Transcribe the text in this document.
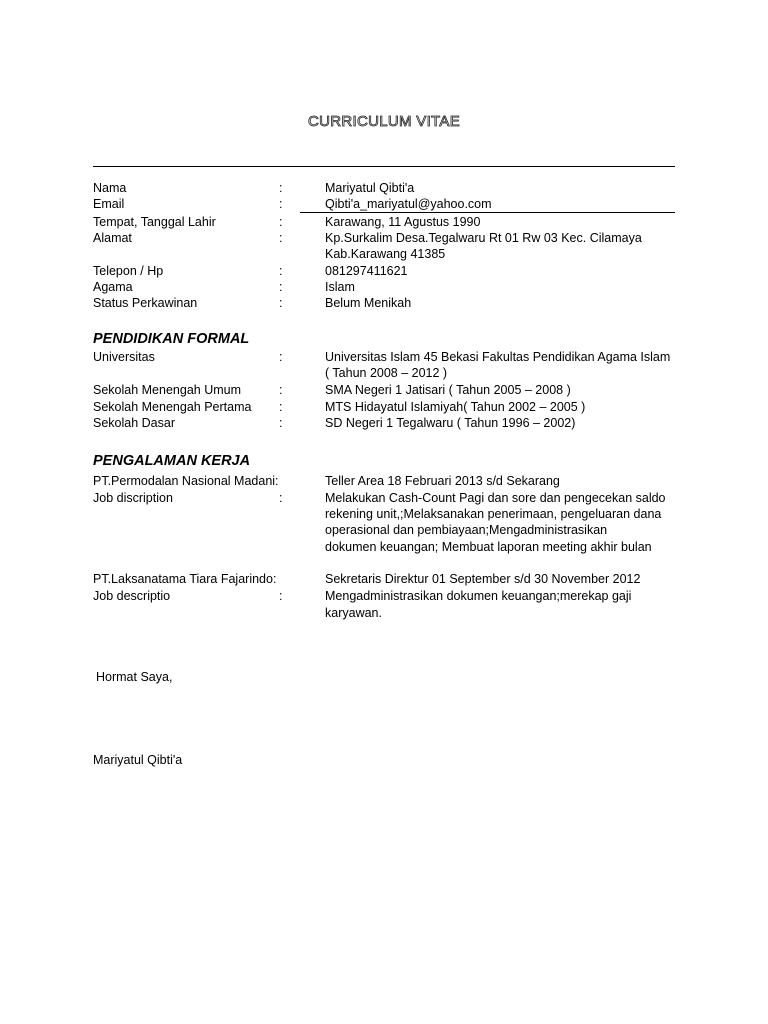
CURRICULUM VITAE
Nama	:	Mariyatul Qibti'a
Email	:	Qibti'a_mariyatul@yahoo.com
Tempat, Tanggal Lahir	:	Karawang, 11 Agustus 1990
Alamat	:	Kp.Surkalim Desa.Tegalwaru Rt 01 Rw 03 Kec. Cilamaya
Kab.Karawang 41385
Telepon / Hp	:	081297411621
Agama	:	Islam
Status Perkawinan	:	Belum Menikah
PENDIDIKAN FORMAL
Universitas	:	Universitas Islam 45 Bekasi Fakultas Pendidikan Agama Islam
( Tahun 2008 – 2012 )
Sekolah Menengah Umum	:	SMA Negeri 1 Jatisari ( Tahun 2005 – 2008 )
Sekolah Menengah Pertama :	MTS Hidayatul Islamiyah( Tahun 2002 – 2005 )
Sekolah Dasar	:	SD Negeri 1 Tegalwaru ( Tahun 1996 – 2002)
PENGALAMAN KERJA
PT.Permodalan Nasional Madani:	Teller Area 18 Februari 2013 s/d Sekarang
Job discription	:	Melakukan Cash-Count Pagi dan sore dan pengecekan saldo
rekening unit,;Melaksanakan penerimaan, pengeluaran dana
operasional dan pembiayaan;Mengadministrasikan
dokumen keuangan; Membuat laporan meeting akhir bulan
PT.Laksanatama Tiara Fajarindo:	Sekretaris Direktur 01 September s/d 30 November 2012
Job descriptio	:	Mengadministrasikan dokumen keuangan;merekap gaji
karyawan.
Hormat Saya,
Mariyatul Qibti'a
